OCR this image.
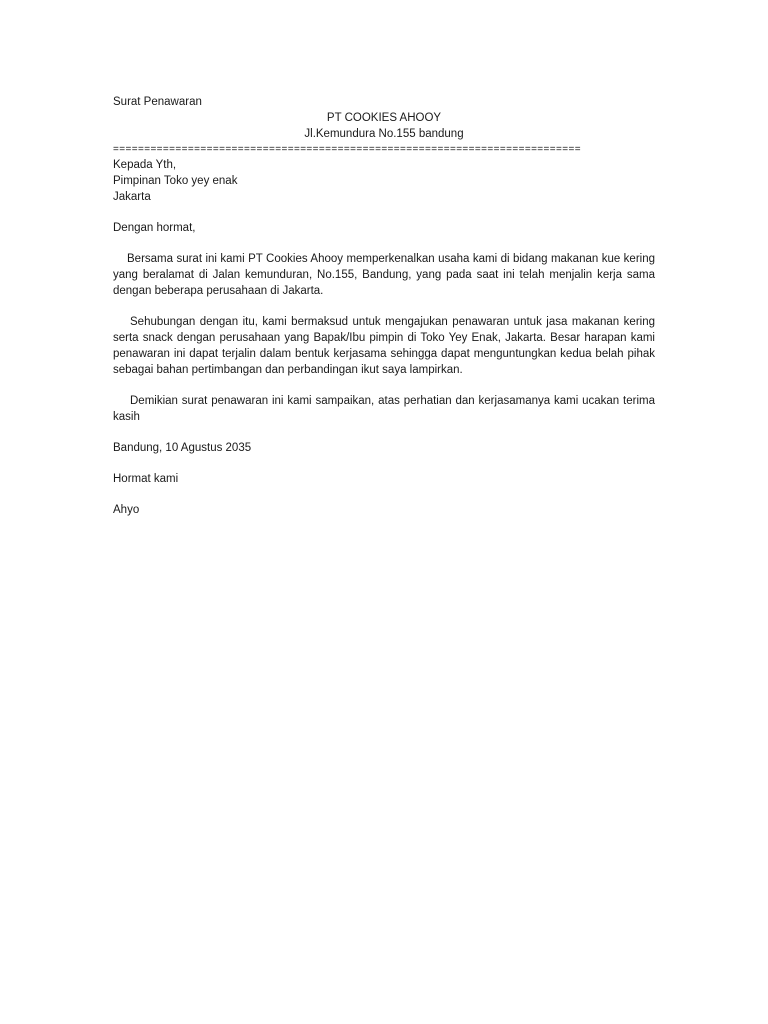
Surat Penawaran
PT COOKIES AHOOY
Jl.Kemundura No.155 bandung
===========================================================================
Kepada Yth,
Pimpinan Toko yey enak
Jakarta
Dengan hormat,
Bersama surat ini kami PT Cookies Ahooy memperkenalkan usaha kami di bidang makanan kue kering yang beralamat di Jalan kemunduran, No.155, Bandung, yang pada saat ini telah menjalin kerja sama dengan beberapa perusahaan di Jakarta.
Sehubungan dengan itu, kami bermaksud untuk mengajukan penawaran untuk jasa makanan kering serta snack dengan perusahaan yang Bapak/Ibu pimpin di Toko Yey Enak, Jakarta. Besar harapan kami penawaran ini dapat terjalin dalam bentuk kerjasama sehingga dapat menguntungkan kedua belah pihak sebagai bahan pertimbangan dan perbandingan ikut saya lampirkan.
Demikian surat penawaran ini kami sampaikan, atas perhatian dan kerjasamanya kami ucakan terima kasih
Bandung, 10 Agustus 2035
Hormat kami
Ahyo
